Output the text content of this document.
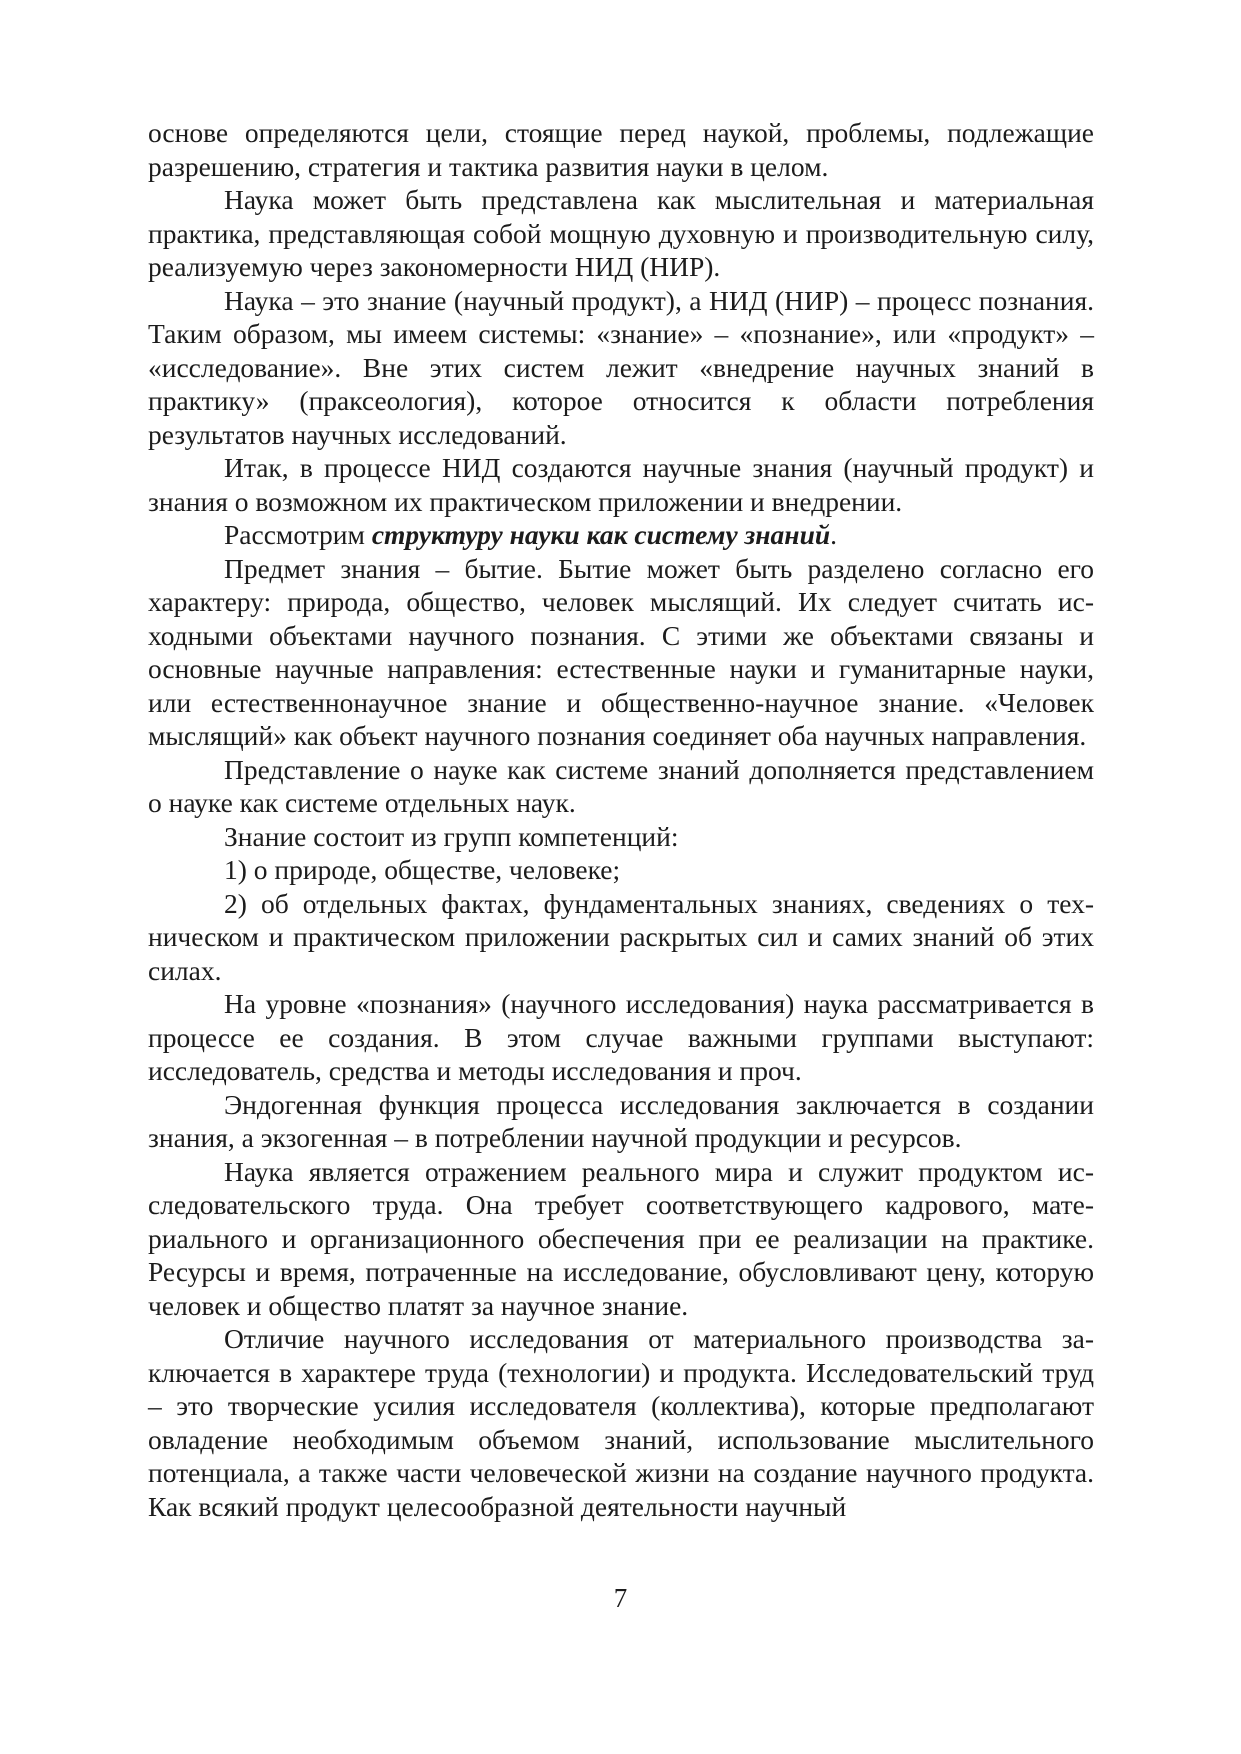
основе определяются цели, стоящие перед наукой, проблемы, подлежащие разрешению, стратегия и тактика развития науки в целом.

Наука может быть представлена как мыслительная и материальная практика, представляющая собой мощную духовную и производительную силу, реализуемую через закономерности НИД (НИР).

Наука – это знание (научный продукт), а НИД (НИР) – процесс познания. Таким образом, мы имеем системы: «знание» – «познание», или «продукт» – «исследование». Вне этих систем лежит «внедрение научных знаний в практику» (праксеология), которое относится к области потребления результатов научных исследований.

Итак, в процессе НИД создаются научные знания (научный продукт) и знания о возможном их практическом приложении и внедрении.

Рассмотрим структуру науки как систему знаний.

Предмет знания – бытие. Бытие может быть разделено согласно его характеру: природа, общество, человек мыслящий. Их следует считать исходными объектами научного познания. С этими же объектами связаны и основные научные направления: естественные науки и гуманитарные науки, или естественнонаучное знание и общественно-научное знание. «Человек мыслящий» как объект научного познания соединяет оба научных направления.

Представление о науке как системе знаний дополняется представлением о науке как системе отдельных наук.

Знание состоит из групп компетенций:

1) о природе, обществе, человеке;

2) об отдельных фактах, фундаментальных знаниях, сведениях о техническом и практическом приложении раскрытых сил и самих знаний об этих силах.

На уровне «познания» (научного исследования) наука рассматривается в процессе ее создания. В этом случае важными группами выступают: исследователь, средства и методы исследования и проч.

Эндогенная функция процесса исследования заключается в создании знания, а экзогенная – в потреблении научной продукции и ресурсов.

Наука является отражением реального мира и служит продуктом исследовательского труда. Она требует соответствующего кадрового, материального и организационного обеспечения при ее реализации на практике. Ресурсы и время, потраченные на исследование, обусловливают цену, которую человек и общество платят за научное знание.

Отличие научного исследования от материального производства заключается в характере труда (технологии) и продукта. Исследовательский труд – это творческие усилия исследователя (коллектива), которые предполагают овладение необходимым объемом знаний, использование мыслительного потенциала, а также части человеческой жизни на создание научного продукта. Как всякий продукт целесообразной деятельности научный

7
